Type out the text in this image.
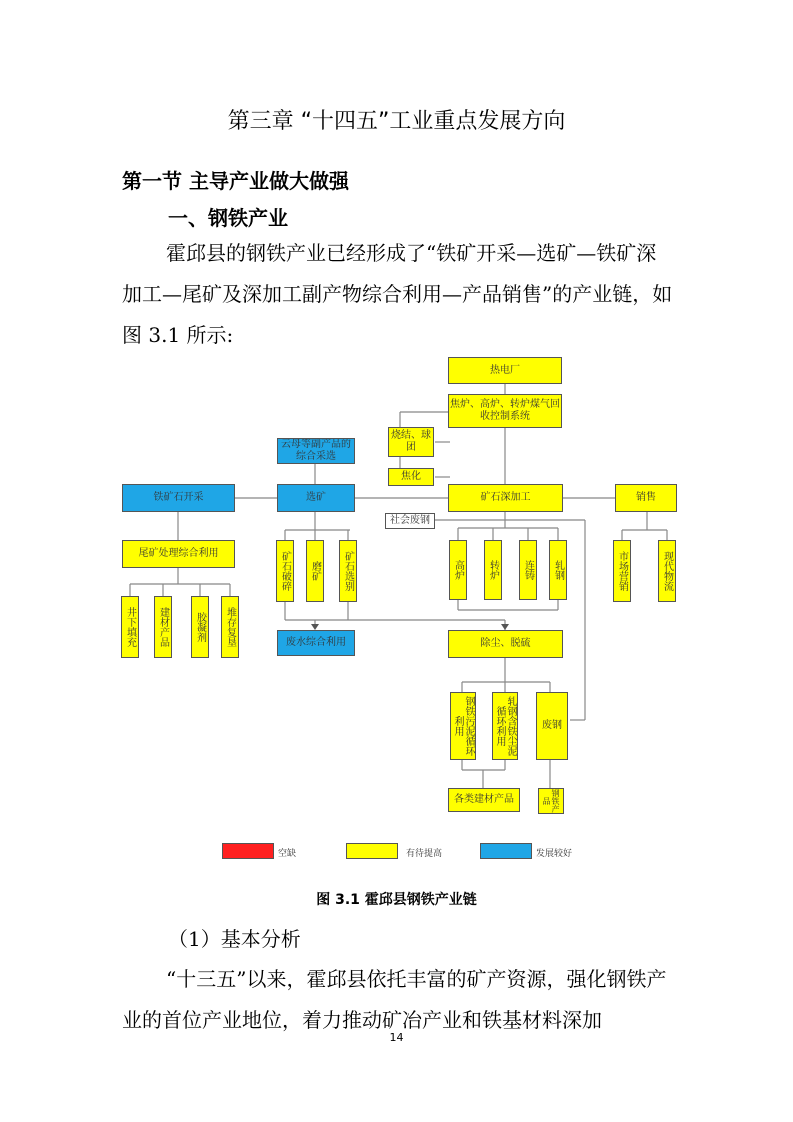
第三章 “十四五”工业重点发展方向
第一节 主导产业做大做强
一、钢铁产业
霍邱县的钢铁产业已经形成了“铁矿开采—选矿—铁矿深加工—尾矿及深加工副产物综合利用—产品销售”的产业链，如图 3.1 所示:
热电厂
焦炉、高炉、转炉煤气回收控制系统
烧结、球团
焦化
云母等副产品的综合采选
铁矿石开采	选矿	矿石深加工	销售
社会废钢
尾矿处理综合利用
井下填充	建材产品	胶凝剂	堆存复垦
矿石破碎	磨矿	矿石选别	高炉	转炉	连铸	轧钢	市场营销	现代物流
废水综合利用	除尘、脱硫
钢铁污泥循环利用	轧钢含铁尘泥循环利用	废钢
各类建材产品	钢铁产品
空缺	有待提高	发展较好
图 3.1 霍邱县钢铁产业链
（1）基本分析
“十三五”以来，霍邱县依托丰富的矿产资源，强化钢铁产业的首位产业地位，着力推动矿冶产业和铁基材料深加
14
